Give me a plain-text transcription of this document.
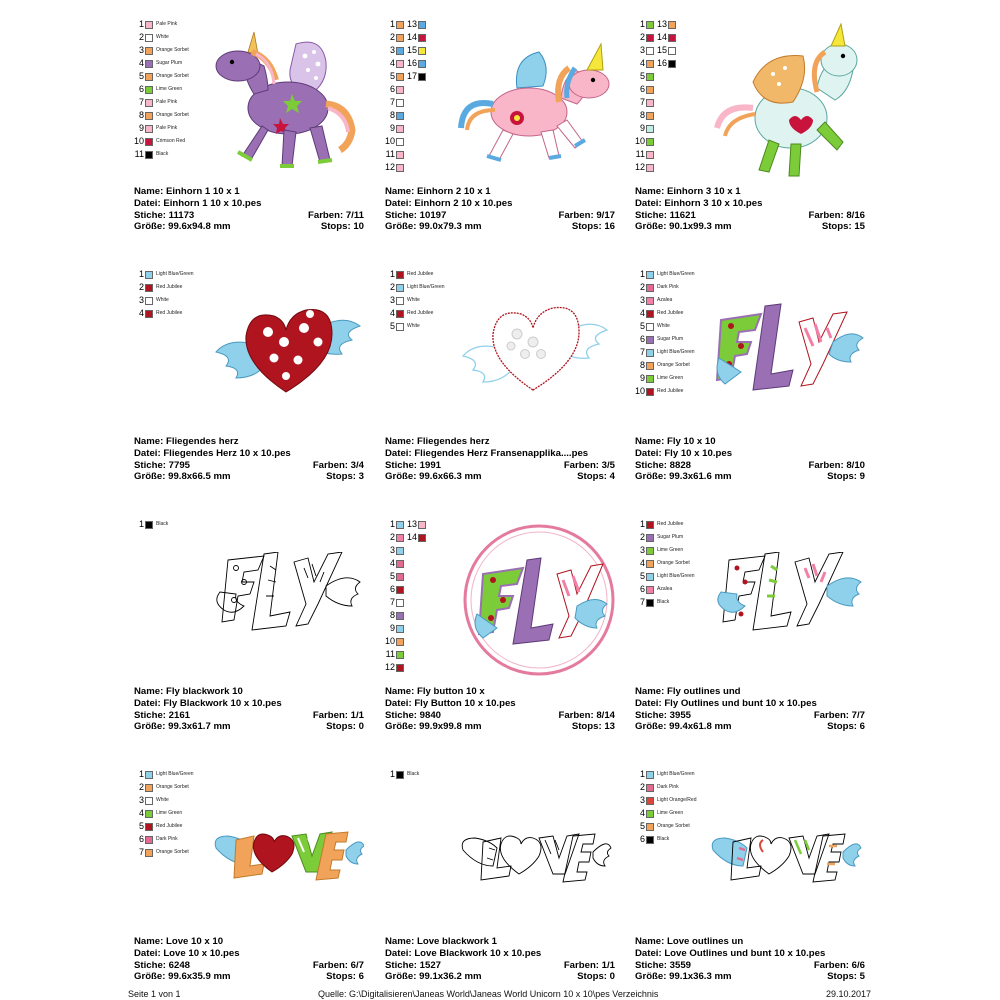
1 Pale Pink
2 White
3 Orange Sorbet
4 Sugar Plum
5 Orange Sorbet
6 Lime Green
7 Pale Pink
8 Orange Sorbet
9 Pale Pink
10 Crimson Red
11 Black
Name: Einhorn 1 10 x 1
Datei: Einhorn 1 10 x 10.pes
Stiche: 11173	Farben: 7/11
Größe: 99.6x94.8 mm	Stops: 10
1
2
3
4
5
6
7
8
9
10
11
12
13
14
15
16
17
Name: Einhorn 2 10 x 1
Datei: Einhorn 2 10 x 10.pes
Stiche: 10197	Farben: 9/17
Größe: 99.0x79.3 mm	Stops: 16
1
2
3
4
5
6
7
8
9
10
11
12
13
14
15
16
Name: Einhorn 3 10 x 1
Datei: Einhorn 3 10 x 10.pes
Stiche: 11621	Farben: 8/16
Größe: 90.1x99.3 mm	Stops: 15
1 Light Blue/Green
2 Red Jubilee
3 White
4 Red Jubilee
Name: Fliegendes herz
Datei: Fliegendes Herz 10 x 10.pes
Stiche: 7795	Farben: 3/4
Größe: 99.8x66.5 mm	Stops: 3
1 Red Jubilee
2 Light Blue/Green
3 White
4 Red Jubilee
5 White
Name: Fliegendes herz
Datei: Fliegendes Herz Fransenapplika....pes
Stiche: 1991	Farben: 3/5
Größe: 99.6x66.3 mm	Stops: 4
1 Light Blue/Green
2 Dark Pink
3 Azalea
4 Red Jubilee
5 White
6 Sugar Plum
7 Light Blue/Green
8 Orange Sorbet
9 Lime Green
10 Red Jubilee
Name: Fly 10 x 10
Datei: Fly 10 x 10.pes
Stiche: 8828	Farben: 8/10
Größe: 99.3x61.6 mm	Stops: 9
1 Black
Name: Fly blackwork 10
Datei: Fly Blackwork 10 x 10.pes
Stiche: 2161	Farben: 1/1
Größe: 99.3x61.7 mm	Stops: 0
1
2
3
4
5
6
7
8
9
10
11
12
13
14
Name: Fly button 10 x
Datei: Fly Button 10 x 10.pes
Stiche: 9840	Farben: 8/14
Größe: 99.9x99.8 mm	Stops: 13
1 Red Jubilee
2 Sugar Plum
3 Lime Green
4 Orange Sorbet
5 Light Blue/Green
6 Azalea
7 Black
Name: Fly outlines und
Datei: Fly Outlines und bunt 10 x 10.pes
Stiche: 3955	Farben: 7/7
Größe: 99.4x61.8 mm	Stops: 6
1 Light Blue/Green
2 Orange Sorbet
3 White
4 Lime Green
5 Red Jubilee
6 Dark Pink
7 Orange Sorbet
Name: Love 10 x 10
Datei: Love 10 x 10.pes
Stiche: 6248	Farben: 6/7
Größe: 99.6x35.9 mm	Stops: 6
1 Black
Name: Love blackwork 1
Datei: Love Blackwork 10 x 10.pes
Stiche: 1527	Farben: 1/1
Größe: 99.1x36.2 mm	Stops: 0
1 Light Blue/Green
2 Dark Pink
3 Light Orange/Red
4 Lime Green
5 Orange Sorbet
6 Black
Name: Love outlines un
Datei: Love Outlines und bunt 10 x 10.pes
Stiche: 3559	Farben: 6/6
Größe: 99.1x36.3 mm	Stops: 5
Seite 1 von 1	Quelle: G:\Digitalisieren\Janeas World\Janeas World Unicorn 10 x 10\pes Verzeichnis	29.10.2017
